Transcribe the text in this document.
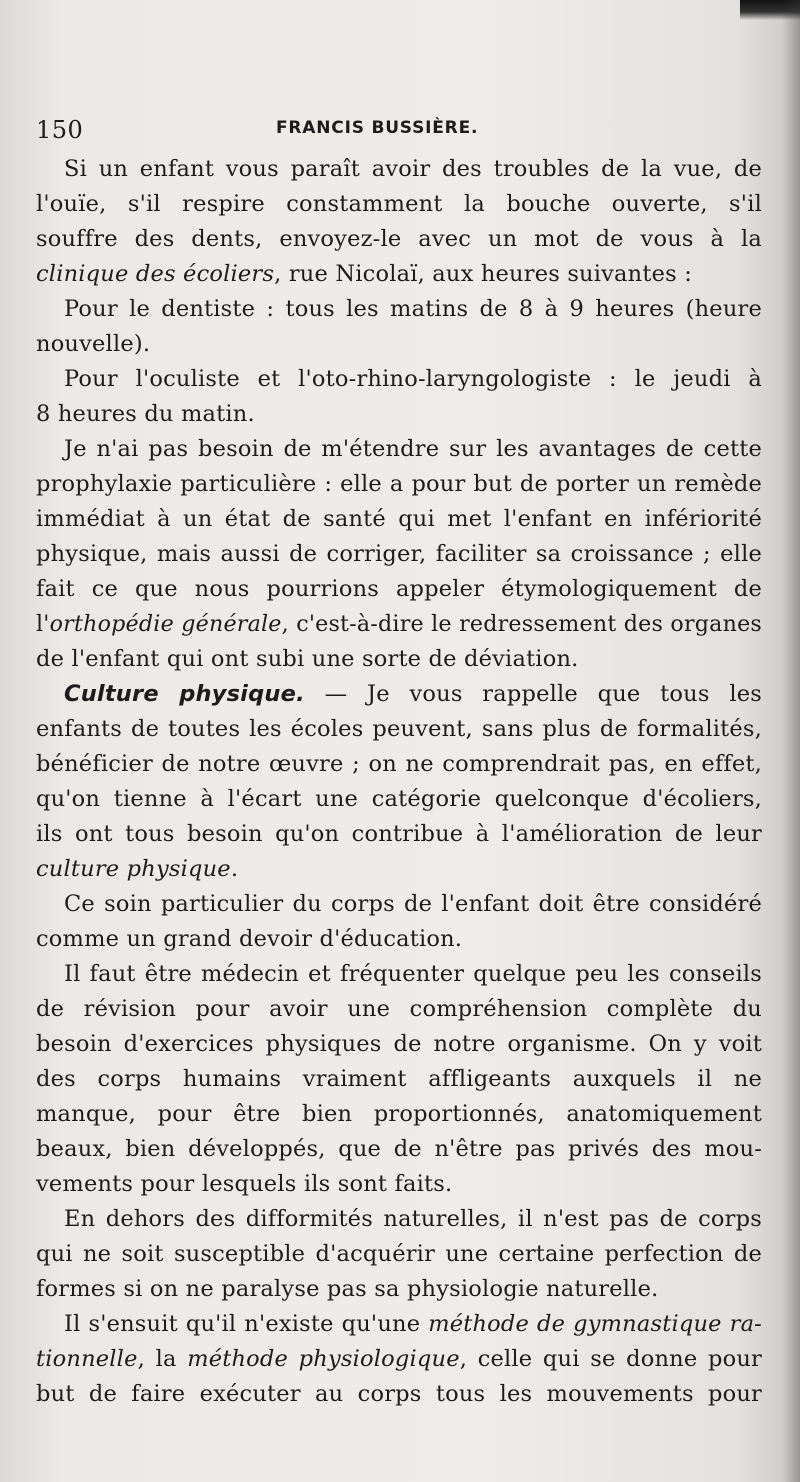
150	FRANCIS BUSSIÈRE.
Si un enfant vous paraît avoir des troubles de la vue, de
l'ouïe, s'il respire constamment la bouche ouverte, s'il
souffre des dents, envoyez-le avec un mot de vous à la
clinique des écoliers, rue Nicolaï, aux heures suivantes :
Pour le dentiste : tous les matins de 8 à 9 heures (heure
nouvelle).
Pour l'oculiste et l'oto-rhino-laryngologiste : le jeudi à
8 heures du matin.
Je n'ai pas besoin de m'étendre sur les avantages de cette
prophylaxie particulière : elle a pour but de porter un remède
immédiat à un état de santé qui met l'enfant en infériorité
physique, mais aussi de corriger, faciliter sa croissance ; elle
fait ce que nous pourrions appeler étymologiquement de
l'orthopédie générale, c'est-à-dire le redressement des organes
de l'enfant qui ont subi une sorte de déviation.
Culture physique. — Je vous rappelle que tous les
enfants de toutes les écoles peuvent, sans plus de formalités,
bénéficier de notre œuvre ; on ne comprendrait pas, en effet,
qu'on tienne à l'écart une catégorie quelconque d'écoliers,
ils ont tous besoin qu'on contribue à l'amélioration de leur
culture physique.
Ce soin particulier du corps de l'enfant doit être considéré
comme un grand devoir d'éducation.
Il faut être médecin et fréquenter quelque peu les conseils
de révision pour avoir une compréhension complète du
besoin d'exercices physiques de notre organisme. On y voit
des corps humains vraiment affligeants auxquels il ne
manque, pour être bien proportionnés, anatomiquement
beaux, bien développés, que de n'être pas privés des mou-
vements pour lesquels ils sont faits.
En dehors des difformités naturelles, il n'est pas de corps
qui ne soit susceptible d'acquérir une certaine perfection de
formes si on ne paralyse pas sa physiologie naturelle.
Il s'ensuit qu'il n'existe qu'une méthode de gymnastique ra-
tionnelle, la méthode physiologique, celle qui se donne pour
but de faire exécuter au corps tous les mouvements pour
